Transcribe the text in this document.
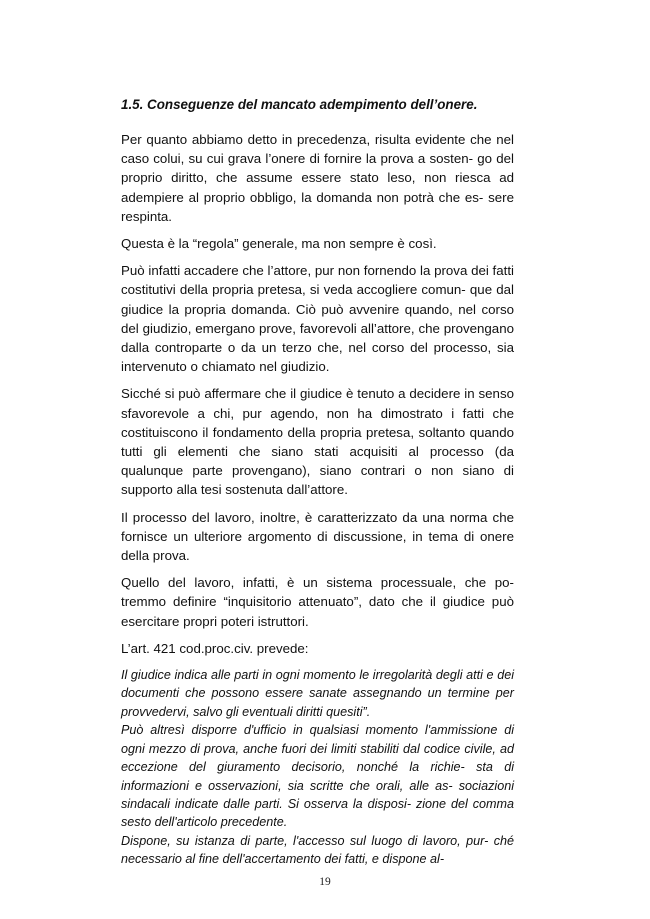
1.5. Conseguenze del mancato adempimento dell’onere.

Per quanto abbiamo detto in precedenza, risulta evidente che nel caso colui, su cui grava l’onere di fornire la prova a sosten- go del proprio diritto, che assume essere stato leso, non riesca ad adempiere al proprio obbligo, la domanda non potrà che es- sere respinta.

Questa è la “regola” generale, ma non sempre è così.

Può infatti accadere che l’attore, pur non fornendo la prova dei fatti costitutivi della propria pretesa, si veda accogliere comun- que dal giudice la propria domanda. Ciò può avvenire quando, nel corso del giudizio, emergano prove, favorevoli all’attore, che provengano dalla controparte o da un terzo che, nel corso del processo, sia intervenuto o chiamato nel giudizio.

Sicché si può affermare che il giudice è tenuto a decidere in senso sfavorevole a chi, pur agendo, non ha dimostrato i fatti che costituiscono il fondamento della propria pretesa, soltanto quando tutti gli elementi che siano stati acquisiti al processo (da qualunque parte provengano), siano contrari o non siano di supporto alla tesi sostenuta dall’attore.

Il processo del lavoro, inoltre, è caratterizzato da una norma che fornisce un ulteriore argomento di discussione, in tema di onere della prova.

Quello del lavoro, infatti, è un sistema processuale, che po- tremmo definire “inquisitorio attenuato”, dato che il giudice può esercitare propri poteri istruttori.

L’art. 421 cod.proc.civ. prevede:

Il giudice indica alle parti in ogni momento le irregolarità degli atti e dei documenti che possono essere sanate assegnando un termine per provvedervi, salvo gli eventuali diritti quesiti”.

Può altresì disporre d'ufficio in qualsiasi momento l'ammissione di ogni mezzo di prova, anche fuori dei limiti stabiliti dal codice civile, ad eccezione del giuramento decisorio, nonché la richie- sta di informazioni e osservazioni, sia scritte che orali, alle as- sociazioni sindacali indicate dalle parti. Si osserva la disposi- zione del comma sesto dell'articolo precedente.

Dispone, su istanza di parte, l'accesso sul luogo di lavoro, pur- ché necessario al fine dell'accertamento dei fatti, e dispone al-

19
